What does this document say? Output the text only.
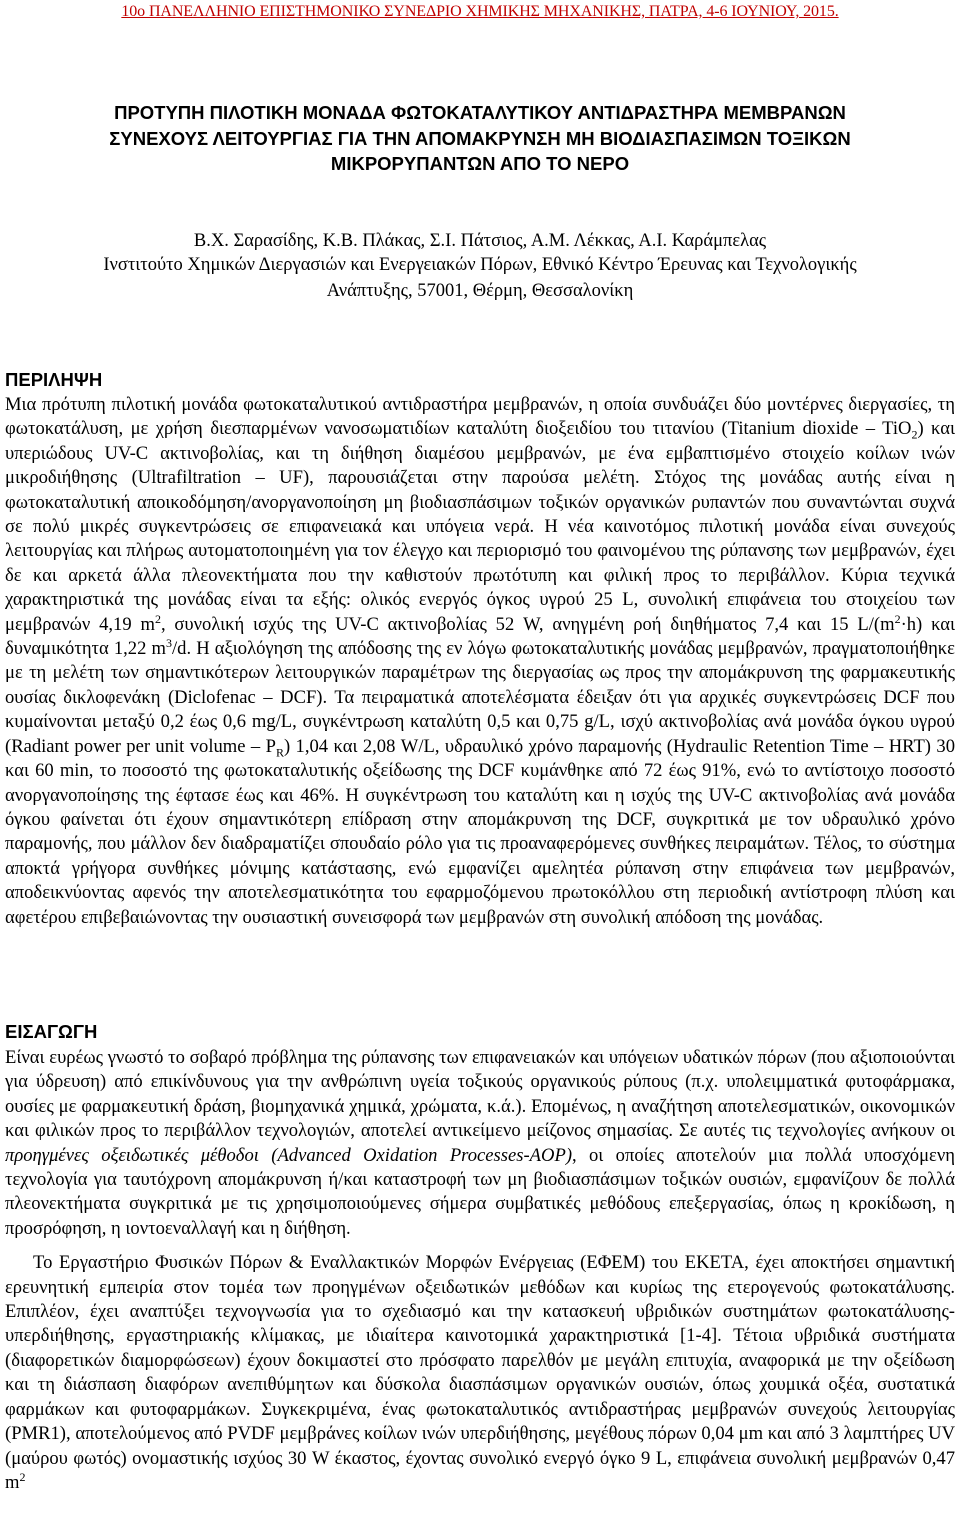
10ο ΠΑΝΕΛΛΗΝΙΟ ΕΠΙΣΤΗΜΟΝΙΚΟ ΣΥΝΕΔΡΙΟ ΧΗΜΙΚΗΣ ΜΗΧΑΝΙΚΗΣ, ΠΑΤΡΑ, 4-6 ΙΟΥΝΙΟΥ, 2015.
ΠΡΟΤΥΠΗ ΠΙΛΟΤΙΚΗ ΜΟΝΑΔΑ ΦΩΤΟΚΑΤΑΛΥΤΙΚΟΥ ΑΝΤΙΔΡΑΣΤΗΡΑ ΜΕΜΒΡΑΝΩΝ
ΣΥΝΕΧΟΥΣ ΛΕΙΤΟΥΡΓΙΑΣ ΓΙΑ ΤΗΝ ΑΠΟΜΑΚΡΥΝΣΗ ΜΗ ΒΙΟΔΙΑΣΠΑΣΙΜΩΝ ΤΟΞΙΚΩΝ
ΜΙΚΡΟΡΥΠΑΝΤΩΝ ΑΠΟ ΤΟ ΝΕΡΟ
Β.Χ. Σαρασίδης, Κ.Β. Πλάκας, Σ.Ι. Πάτσιος, Α.Μ. Λέκκας, Α.Ι. Καράμπελας
Ινστιτούτο Χημικών Διεργασιών και Ενεργειακών Πόρων, Εθνικό Κέντρο Έρευνας και Τεχνολογικής
Ανάπτυξης, 57001, Θέρμη, Θεσσαλονίκη
ΠΕΡΙΛΗΨΗ

Μια πρότυπη πιλοτική μονάδα φωτοκαταλυτικού αντιδραστήρα μεμβρανών, η οποία συνδυάζει δύο μοντέρνες διεργασίες, τη φωτοκατάλυση, με χρήση διεσπαρμένων νανοσωματιδίων καταλύτη διοξειδίου του τιτανίου (Titanium dioxide – TiO$_2$) και υπεριώδους UV-C ακτινοβολίας, και τη διήθηση διαμέσου μεμβρανών, με ένα εμβαπτισμένο στοιχείο κοίλων ινών μικροδιήθησης (Ultrafiltration – UF), παρουσιάζεται στην παρούσα μελέτη. Στόχος της μονάδας αυτής είναι η φωτοκαταλυτική αποικοδόμηση/ανοργανοποίηση μη βιοδιασπάσιμων τοξικών οργανικών ρυπαντών που συναντώνται συχνά σε πολύ μικρές συγκεντρώσεις σε επιφανειακά και υπόγεια νερά. Η νέα καινοτόμος πιλοτική μονάδα είναι συνεχούς λειτουργίας και πλήρως αυτοματοποιημένη για τον έλεγχο και περιορισμό του φαινομένου της ρύπανσης των μεμβρανών, έχει δε και αρκετά άλλα πλεονεκτήματα που την καθιστούν πρωτότυπη και φιλική προς το περιβάλλον. Κύρια τεχνικά χαρακτηριστικά της μονάδας είναι τα εξής: ολικός ενεργός όγκος υγρού 25 L, συνολική επιφάνεια του στοιχείου των μεμβρανών 4,19 $m^2$, συνολική ισχύς της UV-C ακτινοβολίας 52 W, ανηγμένη ροή διηθήματος 7,4 και 15 $L/(m^2\cdot h)$ και δυναμικότητα 1,22 $m^3/d$. Η αξιολόγηση της απόδοσης της εν λόγω φωτοκαταλυτικής μονάδας μεμβρανών, πραγματοποιήθηκε με τη μελέτη των σημαντικότερων λειτουργικών παραμέτρων της διεργασίας ως προς την απομάκρυνση της φαρμακευτικής ουσίας δικλοφενάκη (Diclofenac – DCF). Τα πειραματικά αποτελέσματα έδειξαν ότι για αρχικές συγκεντρώσεις DCF που κυμαίνονται μεταξύ 0,2 έως 0,6 mg/L, συγκέντρωση καταλύτη 0,5 και 0,75 g/L, ισχύ ακτινοβολίας ανά μονάδα όγκου υγρού (Radiant power per unit volume – $P_R$) 1,04 και 2,08 W/L, υδραυλικό χρόνο παραμονής (Hydraulic Retention Time – HRT) 30 και 60 min, το ποσοστό της φωτοκαταλυτικής οξείδωσης της DCF κυμάνθηκε από 72 έως 91%, ενώ το αντίστοιχο ποσοστό ανοργανοποίησης της έφτασε έως και 46%. Η συγκέντρωση του καταλύτη και η ισχύς της UV-C ακτινοβολίας ανά μονάδα όγκου φαίνεται ότι έχουν σημαντικότερη επίδραση στην απομάκρυνση της DCF, συγκριτικά με τον υδραυλικό χρόνο παραμονής, που μάλλον δεν διαδραματίζει σπουδαίο ρόλο για τις προαναφερόμενες συνθήκες πειραμάτων. Τέλος, το σύστημα αποκτά γρήγορα συνθήκες μόνιμης κατάστασης, ενώ εμφανίζει αμελητέα ρύπανση στην επιφάνεια των μεμβρανών, αποδεικνύοντας αφενός την αποτελεσματικότητα του εφαρμοζόμενου πρωτοκόλλου στη περιοδική αντίστροφη πλύση και αφετέρου επιβεβαιώνοντας την ουσιαστική συνεισφορά των μεμβρανών στη συνολική απόδοση της μονάδας.

ΕΙΣΑΓΩΓΗ

Είναι ευρέως γνωστό το σοβαρό πρόβλημα της ρύπανσης των επιφανειακών και υπόγειων υδατικών πόρων (που αξιοποιούνται για ύδρευση) από επικίνδυνους για την ανθρώπινη υγεία τοξικούς οργανικούς ρύπους (π.χ. υπολειμματικά φυτοφάρμακα, ουσίες με φαρμακευτική δράση, βιομηχανικά χημικά, χρώματα, κ.ά.). Επομένως, η αναζήτηση αποτελεσματικών, οικονομικών και φιλικών προς το περιβάλλον τεχνολογιών, αποτελεί αντικείμενο μείζονος σημασίας. Σε αυτές τις τεχνολογίες ανήκουν οι προηγμένες οξειδωτικές μέθοδοι (Advanced Oxidation Processes-AOP), οι οποίες αποτελούν μια πολλά υποσχόμενη τεχνολογία για ταυτόχρονη απομάκρυνση ή/και καταστροφή των μη βιοδιασπάσιμων τοξικών ουσιών, εμφανίζουν δε πολλά πλεονεκτήματα συγκριτικά με τις χρησιμοποιούμενες σήμερα συμβατικές μεθόδους επεξεργασίας, όπως η κροκίδωση, η προσρόφηση, η ιοντοεναλλαγή και η διήθηση.

Το Εργαστήριο Φυσικών Πόρων & Εναλλακτικών Μορφών Ενέργειας (ΕΦΕΜ) του ΕΚΕΤΑ, έχει αποκτήσει σημαντική ερευνητική εμπειρία στον τομέα των προηγμένων οξειδωτικών μεθόδων και κυρίως της ετερογενούς φωτοκατάλυσης. Επιπλέον, έχει αναπτύξει τεχνογνωσία για το σχεδιασμό και την κατασκευή υβριδικών συστημάτων φωτοκατάλυσης-υπερδιήθησης, εργαστηριακής κλίμακας, με ιδιαίτερα καινοτομικά χαρακτηριστικά [1-4]. Τέτοια υβριδικά συστήματα (διαφορετικών διαμορφώσεων) έχουν δοκιμαστεί στο πρόσφατο παρελθόν με μεγάλη επιτυχία, αναφορικά με την οξείδωση και τη διάσπαση διαφόρων ανεπιθύμητων και δύσκολα διασπάσιμων οργανικών ουσιών, όπως χουμικά οξέα, συστατικά φαρμάκων και φυτοφαρμάκων. Συγκεκριμένα, ένας φωτοκαταλυτικός αντιδραστήρας μεμβρανών συνεχούς λειτουργίας (PMR1), αποτελούμενος από PVDF μεμβράνες κοίλων ινών υπερδιήθησης, μεγέθους πόρων 0,04 μm και από 3 λαμπτήρες UV (μαύρου φωτός) ονομαστικής ισχύος 30 W έκαστος, έχοντας συνολικό ενεργό όγκο 9 L, επιφάνεια συνολική μεμβρανών 0,47 $m^2$
